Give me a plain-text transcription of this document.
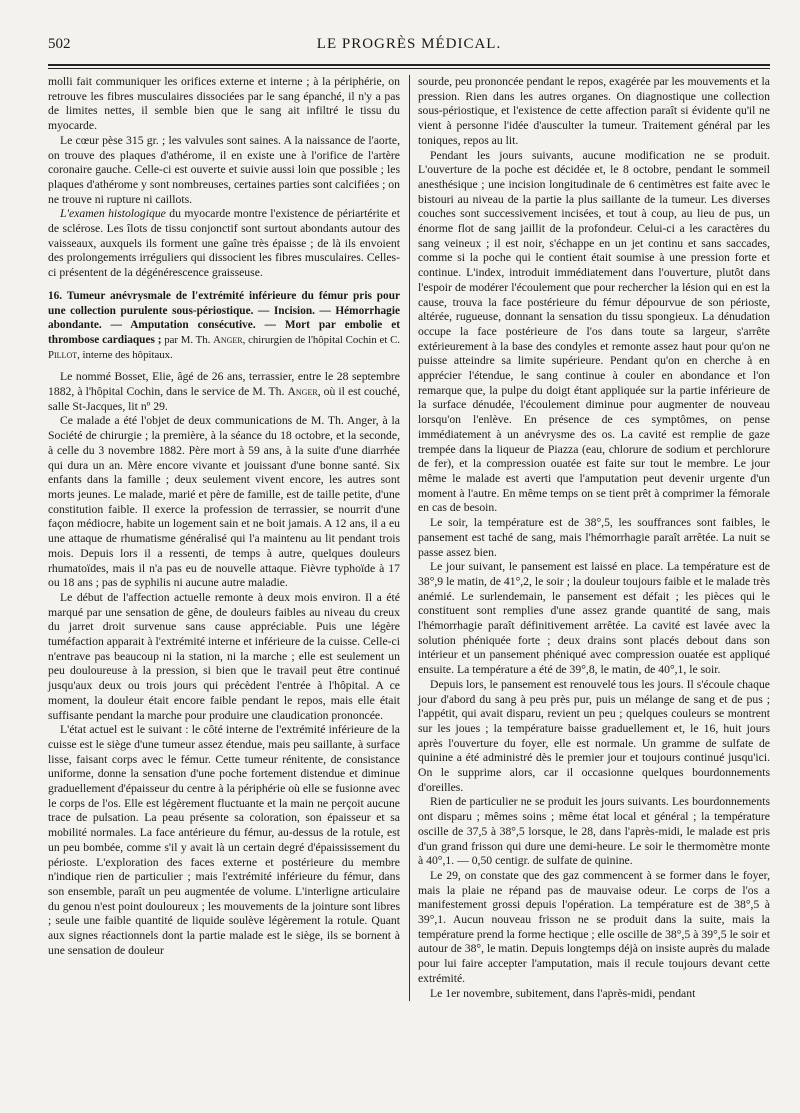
502	LE PROGRÈS MÉDICAL.

molli fait communiquer les orifices externe et interne ; à la périphérie, on retrouve les fibres musculaires dissociées par le sang épanché, il n'y a pas de limites nettes, il semble bien que le sang ait infiltré le tissu du myocarde.

Le cœur pèse 315 gr. ; les valvules sont saines. A la naissance de l'aorte, on trouve des plaques d'athérome, il en existe une à l'orifice de l'artère coronaire gauche. Celle-ci est ouverte et suivie aussi loin que possible ; les plaques d'athérome y sont nombreuses, certaines parties sont calcifiées ; on ne trouve ni rupture ni caillots.

L'examen histologique du myocarde montre l'existence de périartérite et de sclérose. Les îlots de tissu conjonctif sont surtout abondants autour des vaisseaux, auxquels ils forment une gaîne très épaisse ; de là ils envoient des prolongements irréguliers qui dissocient les fibres musculaires. Celles-ci présentent de la dégénérescence graisseuse.

16. Tumeur anévrysmale de l'extrémité inférieure du fémur pris pour une collection purulente sous-périostique. — Incision. — Hémorrhagie abondante. — Amputation consécutive. — Mort par embolie et thrombose cardiaques ; par M. Th. Anger, chirurgien de l'hôpital Cochin et C. Pillot, interne des hôpitaux.

Le nommé Bosset, Elie, âgé de 26 ans, terrassier, entre le 28 septembre 1882, à l'hôpital Cochin, dans le service de M. Th. Anger, où il est couché, salle St-Jacques, lit nº 29.

Ce malade a été l'objet de deux communications de M. Th. Anger, à la Société de chirurgie ; la première, à la séance du 18 octobre, et la seconde, à celle du 3 novembre 1882. Père mort à 59 ans, à la suite d'une diarrhée qui dura un an. Mère encore vivante et jouissant d'une bonne santé. Six enfants dans la famille ; deux seulement vivent encore, les autres sont morts jeunes. Le malade, marié et père de famille, est de taille petite, d'une constitution faible. Il exerce la profession de terrassier, se nourrit d'une façon médiocre, habite un logement sain et ne boit jamais. A 12 ans, il a eu une attaque de rhumatisme généralisé qui l'a maintenu au lit pendant trois mois. Depuis lors il a ressenti, de temps à autre, quelques douleurs rhumatoïdes, mais il n'a pas eu de nouvelle attaque. Fièvre typhoïde à 17 ou 18 ans ; pas de syphilis ni aucune autre maladie.

Le début de l'affection actuelle remonte à deux mois environ. Il a été marqué par une sensation de gêne, de douleurs faibles au niveau du creux du jarret droit survenue sans cause appréciable. Puis une légère tuméfaction apparait à l'extrémité interne et inférieure de la cuisse. Celle-ci n'entrave pas beaucoup ni la station, ni la marche ; elle est seulement un peu douloureuse à la pression, si bien que le travail peut être continué jusqu'aux deux ou trois jours qui précèdent l'entrée à l'hôpital. A ce moment, la douleur était encore faible pendant le repos, mais elle était suffisante pendant la marche pour produire une claudication prononcée.

L'état actuel est le suivant : le côté interne de l'extrémité inférieure de la cuisse est le siège d'une tumeur assez étendue, mais peu saillante, à surface lisse, faisant corps avec le fémur. Cette tumeur rénitente, de consistance uniforme, donne la sensation d'une poche fortement distendue et diminue graduellement d'épaisseur du centre à la périphérie où elle se fusionne avec le corps de l'os. Elle est légèrement fluctuante et la main ne perçoit aucune trace de pulsation. La peau présente sa coloration, son épaisseur et sa mobilité normales. La face antérieure du fémur, au-dessus de la rotule, est un peu bombée, comme s'il y avait là un certain degré d'épaississement du périoste. L'exploration des faces externe et postérieure du membre n'indique rien de particulier ; mais l'extrémité inférieure du fémur, dans son ensemble, paraît un peu augmentée de volume. L'interligne articulaire du genou n'est point douloureux ; les mouvements de la jointure sont libres ; seule une faible quantité de liquide soulève légèrement la rotule. Quant aux signes réactionnels dont la partie malade est le siège, ils se bornent à une sensation de douleur

sourde, peu prononcée pendant le repos, exagérée par les mouvements et la pression. Rien dans les autres organes. On diagnostique une collection sous-périostique, et l'existence de cette affection paraît si évidente qu'il ne vient à personne l'idée d'ausculter la tumeur. Traitement général par les toniques, repos au lit.

Pendant les jours suivants, aucune modification ne se produit. L'ouverture de la poche est décidée et, le 8 octobre, pendant le sommeil anesthésique ; une incision longitudinale de 6 centimètres est faite avec le bistouri au niveau de la partie la plus saillante de la tumeur. Les diverses couches sont successivement incisées, et tout à coup, au lieu de pus, un énorme flot de sang jaillit de la profondeur. Celui-ci a les caractères du sang veineux ; il est noir, s'échappe en un jet continu et sans saccades, comme si la poche qui le contient était soumise à une pression forte et continue. L'index, introduit immédiatement dans l'ouverture, plutôt dans l'espoir de modérer l'écoulement que pour rechercher la lésion qui en est la cause, trouva la face postérieure du fémur dépourvue de son périoste, altérée, rugueuse, donnant la sensation du tissu spongieux. La dénudation occupe la face postérieure de l'os dans toute sa largeur, s'arrête extérieurement à la base des condyles et remonte assez haut pour qu'on ne puisse atteindre sa limite supérieure. Pendant qu'on en cherche à en apprécier l'étendue, le sang continue à couler en abondance et l'on remarque que, la pulpe du doigt étant appliquée sur la partie inférieure de la surface dénudée, l'écoulement diminue pour augmenter de nouveau lorsqu'on l'enlève. En présence de ces symptômes, on pense immédiatement à un anévrysme des os. La cavité est remplie de gaze trempée dans la liqueur de Piazza (eau, chlorure de sodium et perchlorure de fer), et la compression ouatée est faite sur tout le membre. Le jour même le malade est averti que l'amputation peut devenir urgente d'un moment à l'autre. En même temps on se tient prêt à comprimer la fémorale en cas de besoin.

Le soir, la température est de 38°,5, les souffrances sont faibles, le pansement est taché de sang, mais l'hémorrhagie paraît arrêtée. La nuit se passe assez bien.

Le jour suivant, le pansement est laissé en place. La température est de 38°,9 le matin, de 41°,2, le soir ; la douleur toujours faible et le malade très anémié. Le surlendemain, le pansement est défait ; les pièces qui le constituent sont remplies d'une assez grande quantité de sang, mais l'hémorrhagie paraît définitivement arrêtée. La cavité est lavée avec la solution phéniquée forte ; deux drains sont placés debout dans son intérieur et un pansement phéniqué avec compression ouatée est appliqué ensuite. La température a été de 39°,8, le matin, de 40°,1, le soir.

Depuis lors, le pansement est renouvelé tous les jours. Il s'écoule chaque jour d'abord du sang à peu près pur, puis un mélange de sang et de pus ; l'appétit, qui avait disparu, revient un peu ; quelques couleurs se montrent sur les joues ; la température baisse graduellement et, le 16, huit jours après l'ouverture du foyer, elle est normale. Un gramme de sulfate de quinine a été administré dès le premier jour et toujours continué jusqu'ici. On le supprime alors, car il occasionne quelques bourdonnements d'oreilles.

Rien de particulier ne se produit les jours suivants. Les bourdonnements ont disparu ; mêmes soins ; même état local et général ; la température oscille de 37,5 à 38°,5 lorsque, le 28, dans l'après-midi, le malade est pris d'un grand frisson qui dure une demi-heure. Le soir le thermomètre monte à 40°,1. — 0,50 centigr. de sulfate de quinine.

Le 29, on constate que des gaz commencent à se former dans le foyer, mais la plaie ne répand pas de mauvaise odeur. Le corps de l'os a manifestement grossi depuis l'opération. La température est de 38°,5 à 39°,1. Aucun nouveau frisson ne se produit dans la suite, mais la température prend la forme hectique ; elle oscille de 38°,5 à 39°,5 le soir et autour de 38°, le matin. Depuis longtemps déjà on insiste auprès du malade pour lui faire accepter l'amputation, mais il recule toujours devant cette extrémité.

Le 1er novembre, subitement, dans l'après-midi, pendant
